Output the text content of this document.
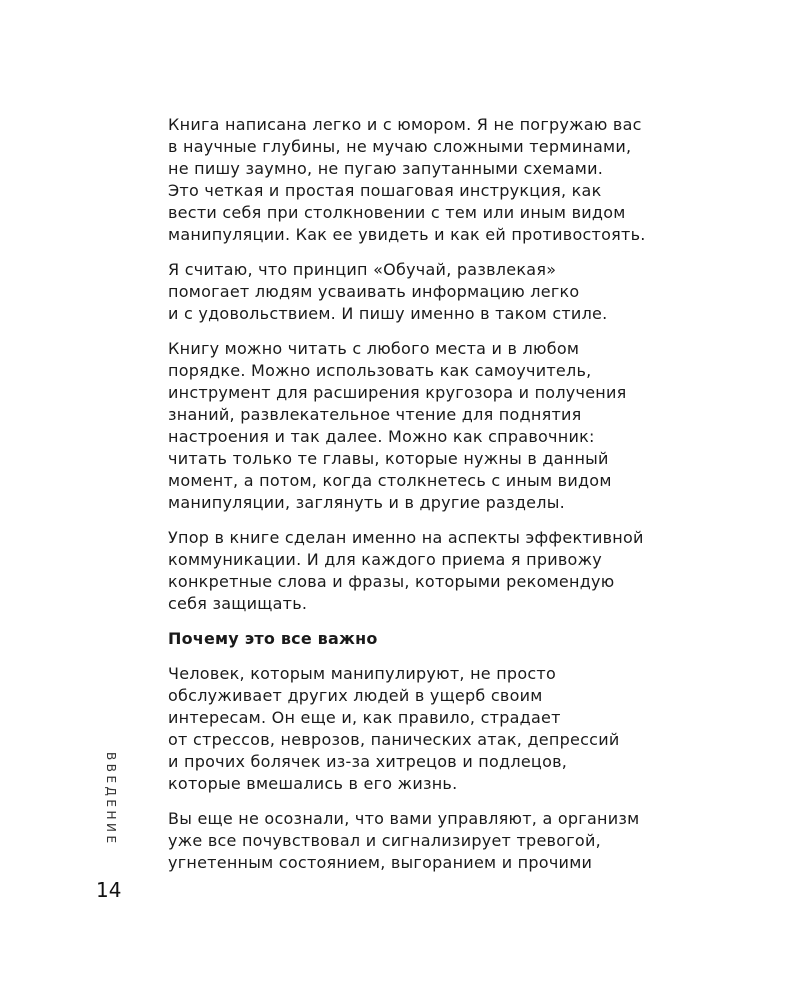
Книга написана легко и с юмором. Я не погружаю вас
в научные глубины, не мучаю сложными терминами,
не пишу заумно, не пугаю запутанными схемами.
Это четкая и простая пошаговая инструкция, как
вести себя при столкновении с тем или иным видом
манипуляции. Как ее увидеть и как ей противостоять.

Я считаю, что принцип «Обучай, развлекая»
помогает людям усваивать информацию легко
и с удовольствием. И пишу именно в таком стиле.

Книгу можно читать с любого места и в любом
порядке. Можно использовать как самоучитель,
инструмент для расширения кругозора и получения
знаний, развлекательное чтение для поднятия
настроения и так далее. Можно как справочник:
читать только те главы, которые нужны в данный
момент, а потом, когда столкнетесь с иным видом
манипуляции, заглянуть и в другие разделы.

Упор в книге сделан именно на аспекты эффективной
коммуникации. И для каждого приема я привожу
конкретные слова и фразы, которыми рекомендую
себя защищать.

Почему это все важно

Человек, которым манипулируют, не просто
обслуживает других людей в ущерб своим
интересам. Он еще и, как правило, страдает
от стрессов, неврозов, панических атак, депрессий
и прочих болячек из-за хитрецов и подлецов,
которые вмешались в его жизнь.

Вы еще не осознали, что вами управляют, а организм
уже все почувствовал и сигнализирует тревогой,
угнетенным состоянием, выгоранием и прочими

ВВЕДЕНИЕ
14
